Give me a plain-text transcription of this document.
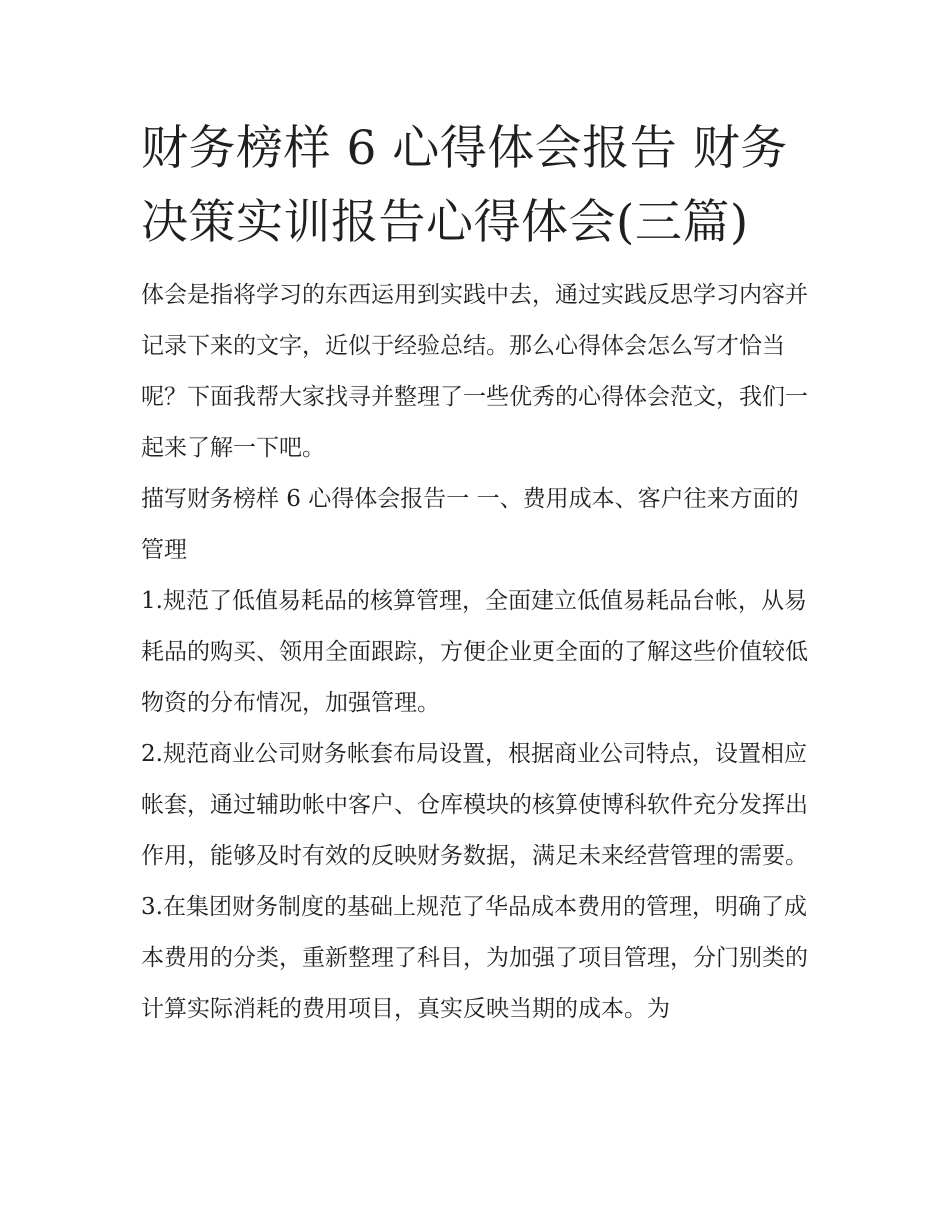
财务榜样 6 心得体会报告 财务决策实训报告心得体会(三篇)

体会是指将学习的东西运用到实践中去，通过实践反思学习内容并记录下来的文字，近似于经验总结。那么心得体会怎么写才恰当呢？下面我帮大家找寻并整理了一些优秀的心得体会范文，我们一起来了解一下吧。

描写财务榜样 6 心得体会报告一 一、费用成本、客户往来方面的管理

1.规范了低值易耗品的核算管理，全面建立低值易耗品台帐，从易耗品的购买、领用全面跟踪，方便企业更全面的了解这些价值较低物资的分布情况，加强管理。

2.规范商业公司财务帐套布局设置，根据商业公司特点，设置相应帐套，通过辅助帐中客户、仓库模块的核算使博科软件充分发挥出作用，能够及时有效的反映财务数据，满足未来经营管理的需要。

3.在集团财务制度的基础上规范了华品成本费用的管理，明确了成本费用的分类，重新整理了科目，为加强了项目管理，分门别类的计算实际消耗的费用项目，真实反映当期的成本。为
